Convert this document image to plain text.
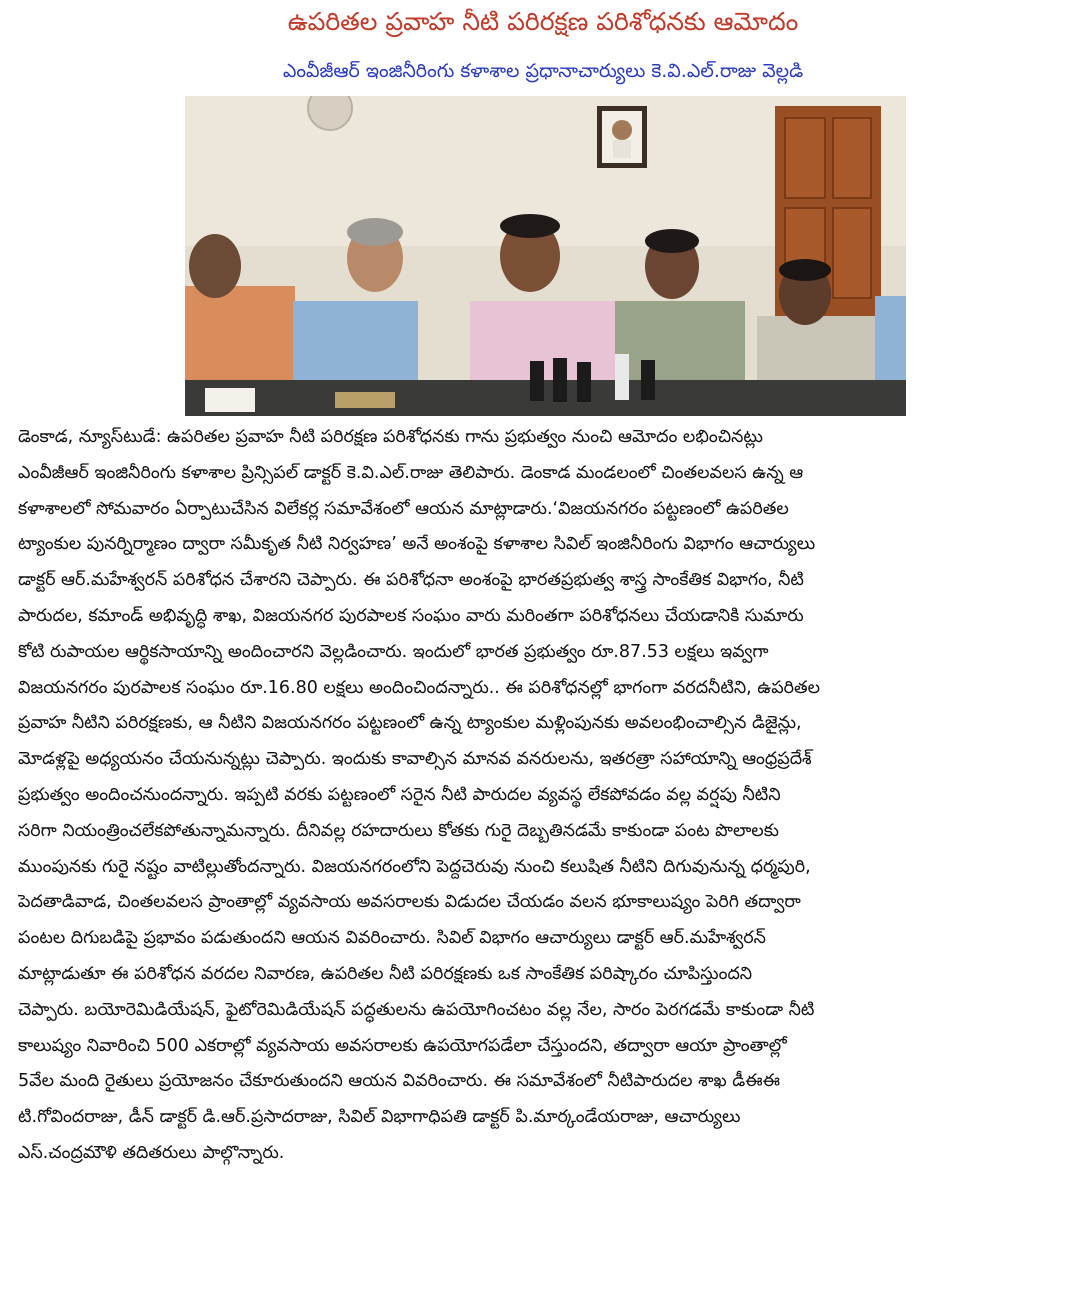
ఉపరితల ప్రవాహ నీటి పరిరక్షణ పరిశోధనకు ఆమోదం
ఎంవీజీఆర్ ఇంజినీరింగు కళాశాల ప్రధానాచార్యులు కె.వి.ఎల్.రాజు వెల్లడి
డెంకాడ, న్యూస్‌టుడే: ఉపరితల ప్రవాహ నీటి పరిరక్షణ పరిశోధనకు గాను ప్రభుత్వం నుంచి ఆమోదం లభించినట్లు
ఎంవీజీఆర్ ఇంజినీరింగు కళాశాల ప్రిన్సిపల్ డాక్టర్ కె.వి.ఎల్.రాజు తెలిపారు. డెంకాడ మండలంలో చింతలవలస ఉన్న ఆ
కళాశాలలో సోమవారం ఏర్పాటుచేసిన విలేకర్ల సమావేశంలో ఆయన మాట్లాడారు.‘విజయనగరం పట్టణంలో ఉపరితల
ట్యాంకుల పునర్నిర్మాణం ద్వారా సమీకృత నీటి నిర్వహణ’ అనే అంశంపై కళాశాల సివిల్ ఇంజినీరింగు విభాగం ఆచార్యులు
డాక్టర్ ఆర్.మహేశ్వరన్ పరిశోధన చేశారని చెప్పారు. ఈ పరిశోధనా అంశంపై భారతప్రభుత్వ శాస్త్ర సాంకేతిక విభాగం, నీటి
పారుదల, కమాండ్ అభివృద్ధి శాఖ, విజయనగర పురపాలక సంఘం వారు మరింతగా పరిశోధనలు చేయడానికి సుమారు
కోటి రుపాయల ఆర్థికసాయాన్ని అందించారని వెల్లడించారు. ఇందులో భారత ప్రభుత్వం రూ.87.53 లక్షలు ఇవ్వగా
విజయనగరం పురపాలక సంఘం రూ.16.80 లక్షలు అందించిందన్నారు.. ఈ పరిశోధనల్లో భాగంగా వరదనీటిని, ఉపరితల
ప్రవాహ నీటిని పరిరక్షణకు, ఆ నీటిని విజయనగరం పట్టణంలో ఉన్న ట్యాంకుల మళ్లింపునకు అవలంభించాల్సిన డిజైన్లు,
మోడళ్లపై అధ్యయనం చేయనున్నట్లు చెప్పారు. ఇందుకు కావాల్సిన మానవ వనరులను, ఇతరత్రా సహాయాన్ని ఆంధ్రప్రదేశ్
ప్రభుత్వం అందించనుందన్నారు. ఇప్పటి వరకు పట్టణంలో సరైన నీటి పారుదల వ్యవస్థ లేకపోవడం వల్ల వర్షపు నీటిని
సరిగా నియంత్రించలేకపోతున్నామన్నారు. దీనివల్ల రహదారులు కోతకు గురై దెబ్బతినడమే కాకుండా పంట పొలాలకు
ముంపునకు గురై నష్టం వాటిల్లుతోందన్నారు. విజయనగరంలోని పెద్దచెరువు నుంచి కలుషిత నీటిని దిగువునున్న ధర్మపురి,
పెదతాడివాడ, చింతలవలస ప్రాంతాల్లో వ్యవసాయ అవసరాలకు విడుదల చేయడం వలన భూకాలుష్యం పెరిగి తద్వారా
పంటల దిగుబడిపై ప్రభావం పడుతుందని ఆయన వివరించారు. సివిల్ విభాగం ఆచార్యులు డాక్టర్ ఆర్.మహేశ్వరన్
మాట్లాడుతూ ఈ పరిశోధన వరదల నివారణ, ఉపరితల నీటి పరిరక్షణకు ఒక సాంకేతిక పరిష్కారం చూపిస్తుందని
చెప్పారు. బయోరెమిడియేషన్, ఫైటోరెమిడియేషన్ పద్ధతులను ఉపయోగించటం వల్ల నేల, సారం పెరగడమే కాకుండా నీటి
కాలుష్యం నివారించి 500 ఎకరాల్లో వ్యవసాయ అవసరాలకు ఉపయోగపడేలా చేస్తుందని, తద్వారా ఆయా ప్రాంతాల్లో
5వేల మంది రైతులు ప్రయోజనం చేకూరుతుందని ఆయన వివరించారు. ఈ సమావేశంలో నీటిపారుదల శాఖ డీఈఈ
టి.గోవిందరాజు, డీన్ డాక్టర్ డి.ఆర్.ప్రసాదరాజు, సివిల్ విభాగాధిపతి డాక్టర్ పి.మార్కండేయరాజు, ఆచార్యులు
ఎస్.చంద్రమౌళి తదితరులు పాల్గొన్నారు.
